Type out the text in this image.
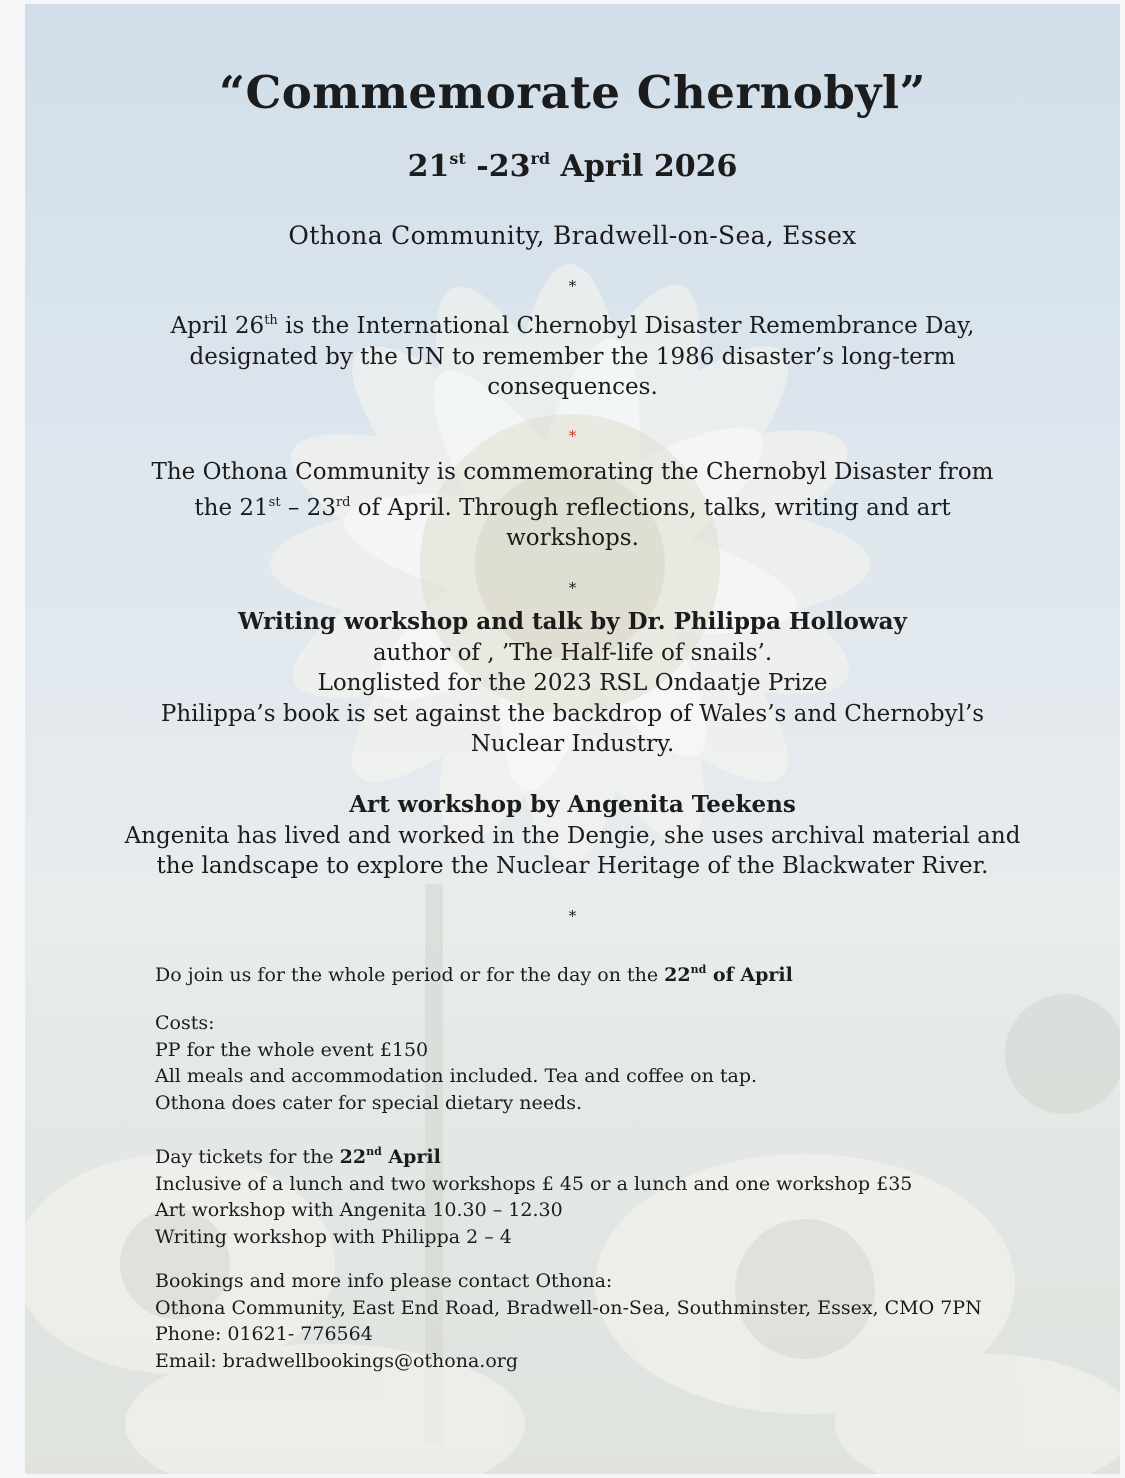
“Commemorate Chernobyl”
21st -23rd April 2026
Othona Community, Bradwell-on-Sea, Essex
*
April 26th is the International Chernobyl Disaster Remembrance Day,
designated by the UN to remember the 1986 disaster’s long-term
consequences.
*
The Othona Community is commemorating the Chernobyl Disaster from
the 21st – 23rd of April. Through reflections, talks, writing and art
workshops.
*
Writing workshop and talk by Dr. Philippa Holloway
author of , ’The Half-life of snails’.
Longlisted for the 2023 RSL Ondaatje Prize
Philippa’s book is set against the backdrop of Wales’s and Chernobyl’s
Nuclear Industry.
Art workshop by Angenita Teekens
Angenita has lived and worked in the Dengie, she uses archival material and
the landscape to explore the Nuclear Heritage of the Blackwater River.
*
Do join us for the whole period or for the day on the 22nd of April
Costs:
PP for the whole event £150
All meals and accommodation included. Tea and coffee on tap.
Othona does cater for special dietary needs.
Day tickets for the 22nd April
Inclusive of a lunch and two workshops £ 45 or a lunch and one workshop £35
Art workshop with Angenita 10.30 – 12.30
Writing workshop with Philippa 2 – 4
Bookings and more info please contact Othona:
Othona Community, East End Road, Bradwell-on-Sea, Southminster, Essex, CMO 7PN
Phone: 01621- 776564
Email: bradwellbookings@othona.org
